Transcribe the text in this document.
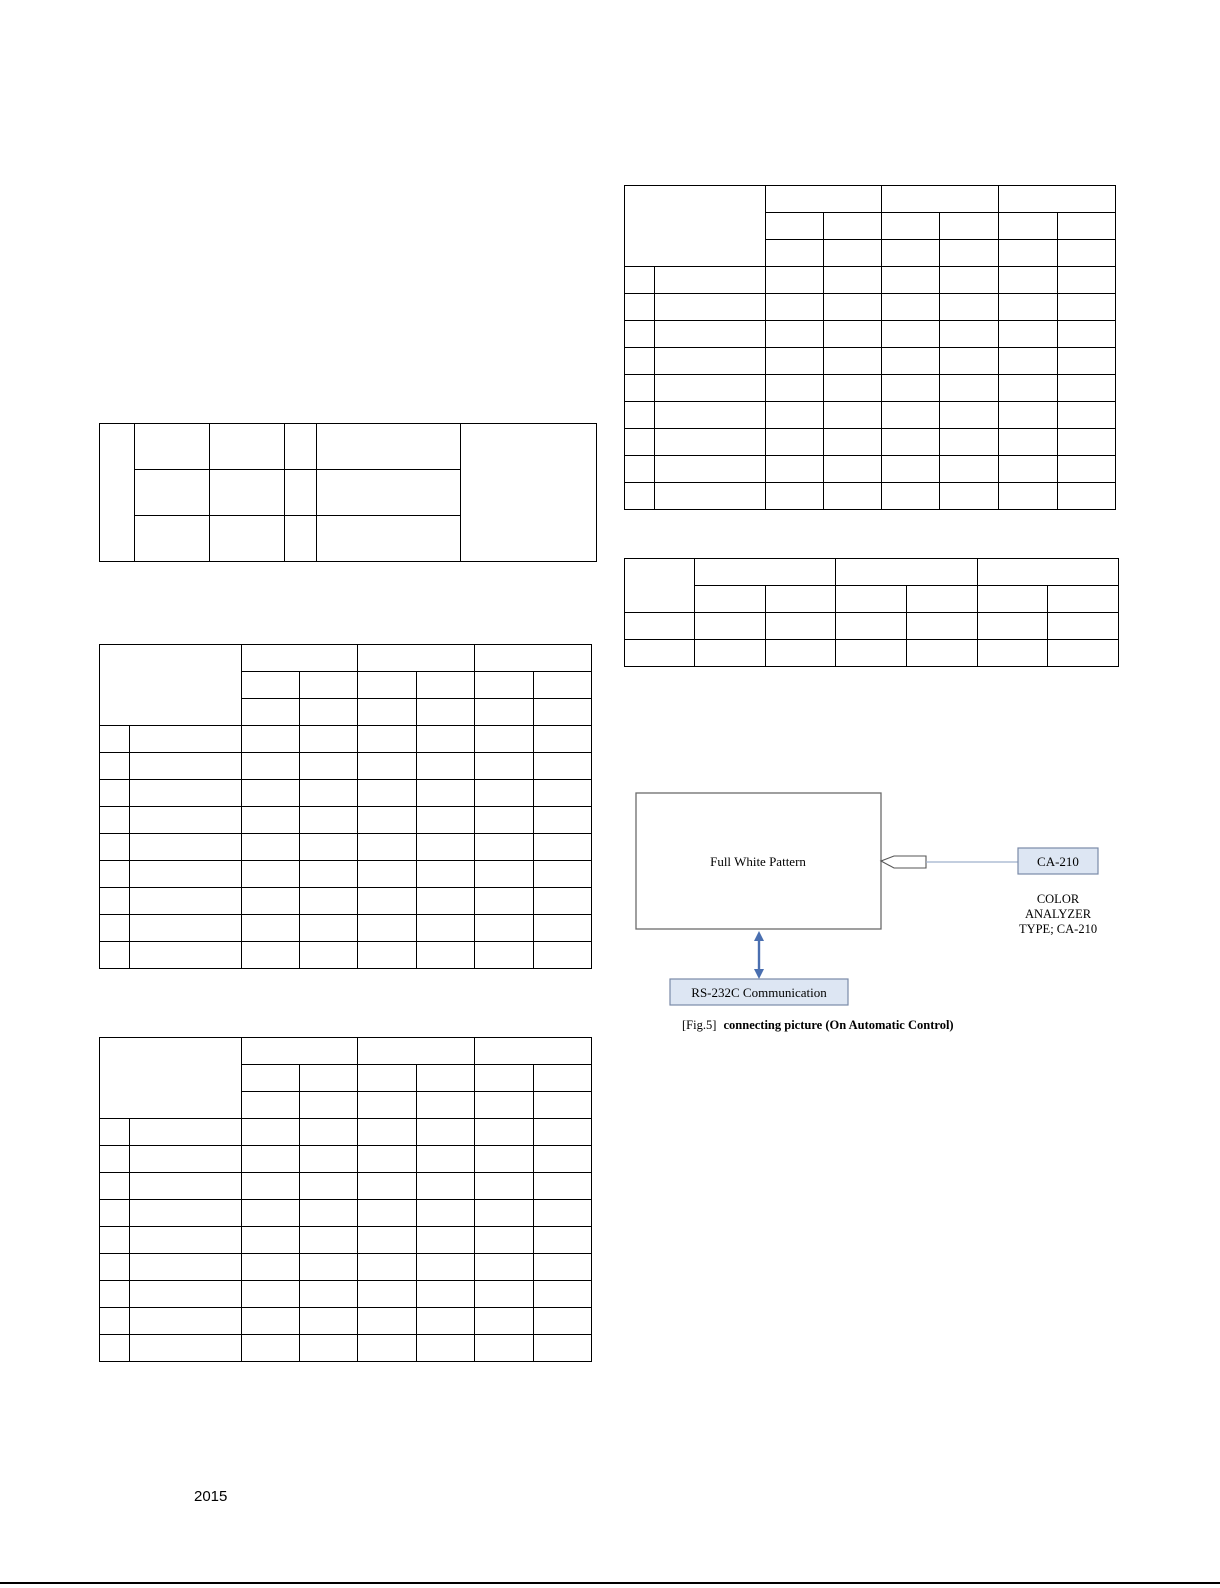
Full White Pattern	CA-210
COLOR
ANALYZER
TYPE; CA-210
RS-232C Communication
[Fig.5] connecting picture (On Automatic Control)
2015
